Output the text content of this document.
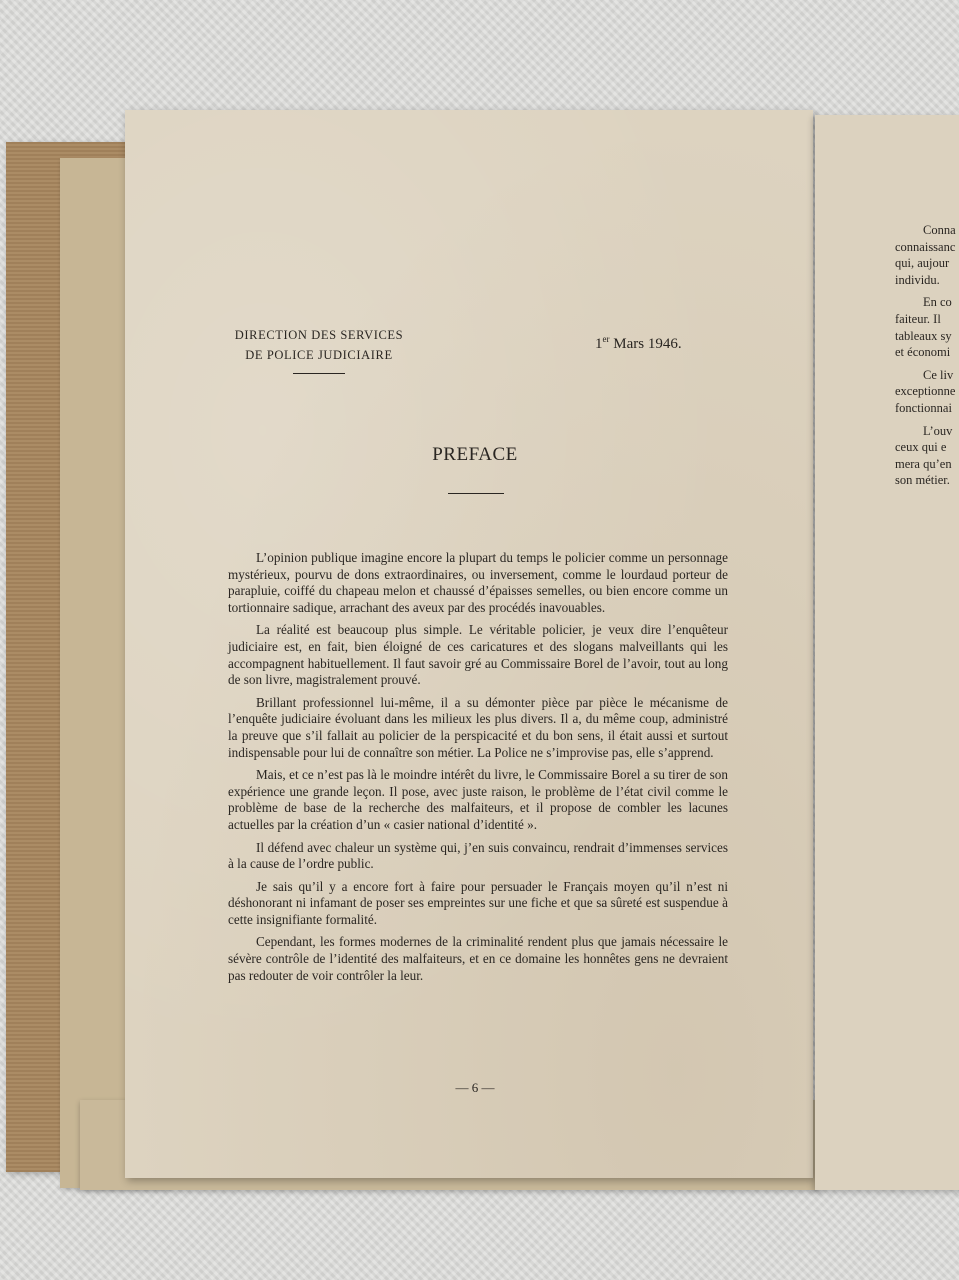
DIRECTION DES SERVICES
DE POLICE JUDICIAIRE
1er Mars 1946.
PREFACE

L’opinion publique imagine encore la plupart du temps le policier comme un personnage mystérieux, pourvu de dons extraordinaires, ou inversement, comme le lourdaud porteur de parapluie, coiffé du chapeau melon et chaussé d’épaisses semelles, ou bien encore comme un tortionnaire sadique, arrachant des aveux par des procédés inavouables.

La réalité est beaucoup plus simple. Le véritable policier, je veux dire l’enquêteur judiciaire est, en fait, bien éloigné de ces caricatures et des slogans malveillants qui les accompagnent habituellement. Il faut savoir gré au Commissaire Borel de l’avoir, tout au long de son livre, magistralement prouvé.

Brillant professionnel lui-même, il a su démonter pièce par pièce le mécanisme de l’enquête judiciaire évoluant dans les milieux les plus divers. Il a, du même coup, administré la preuve que s’il fallait au policier de la perspicacité et du bon sens, il était aussi et surtout indispensable pour lui de connaître son métier. La Police ne s’improvise pas, elle s’apprend.

Mais, et ce n’est pas là le moindre intérêt du livre, le Commissaire Borel a su tirer de son expérience une grande leçon. Il pose, avec juste raison, le problème de l’état civil comme le problème de base de la recherche des malfaiteurs, et il propose de combler les lacunes actuelles par la création d’un « casier national d’identité ».

Il défend avec chaleur un système qui, j’en suis convaincu, rendrait d’immenses services à la cause de l’ordre public.

Je sais qu’il y a encore fort à faire pour persuader le Français moyen qu’il n’est ni déshonorant ni infamant de poser ses empreintes sur une fiche et que sa sûreté est suspendue à cette insignifiante formalité.

Cependant, les formes modernes de la criminalité rendent plus que jamais nécessaire le sévère contrôle de l’identité des malfaiteurs, et en ce domaine les honnêtes gens ne devraient pas redouter de voir contrôler la leur.

— 6 —

Conna
connaissanc
qui, aujour
individu.

En co
faiteur. Il
tableaux sy
et économi

Ce liv
exceptionne
fonctionnai

L’ouv
ceux qui e
mera qu’en
son métier.
